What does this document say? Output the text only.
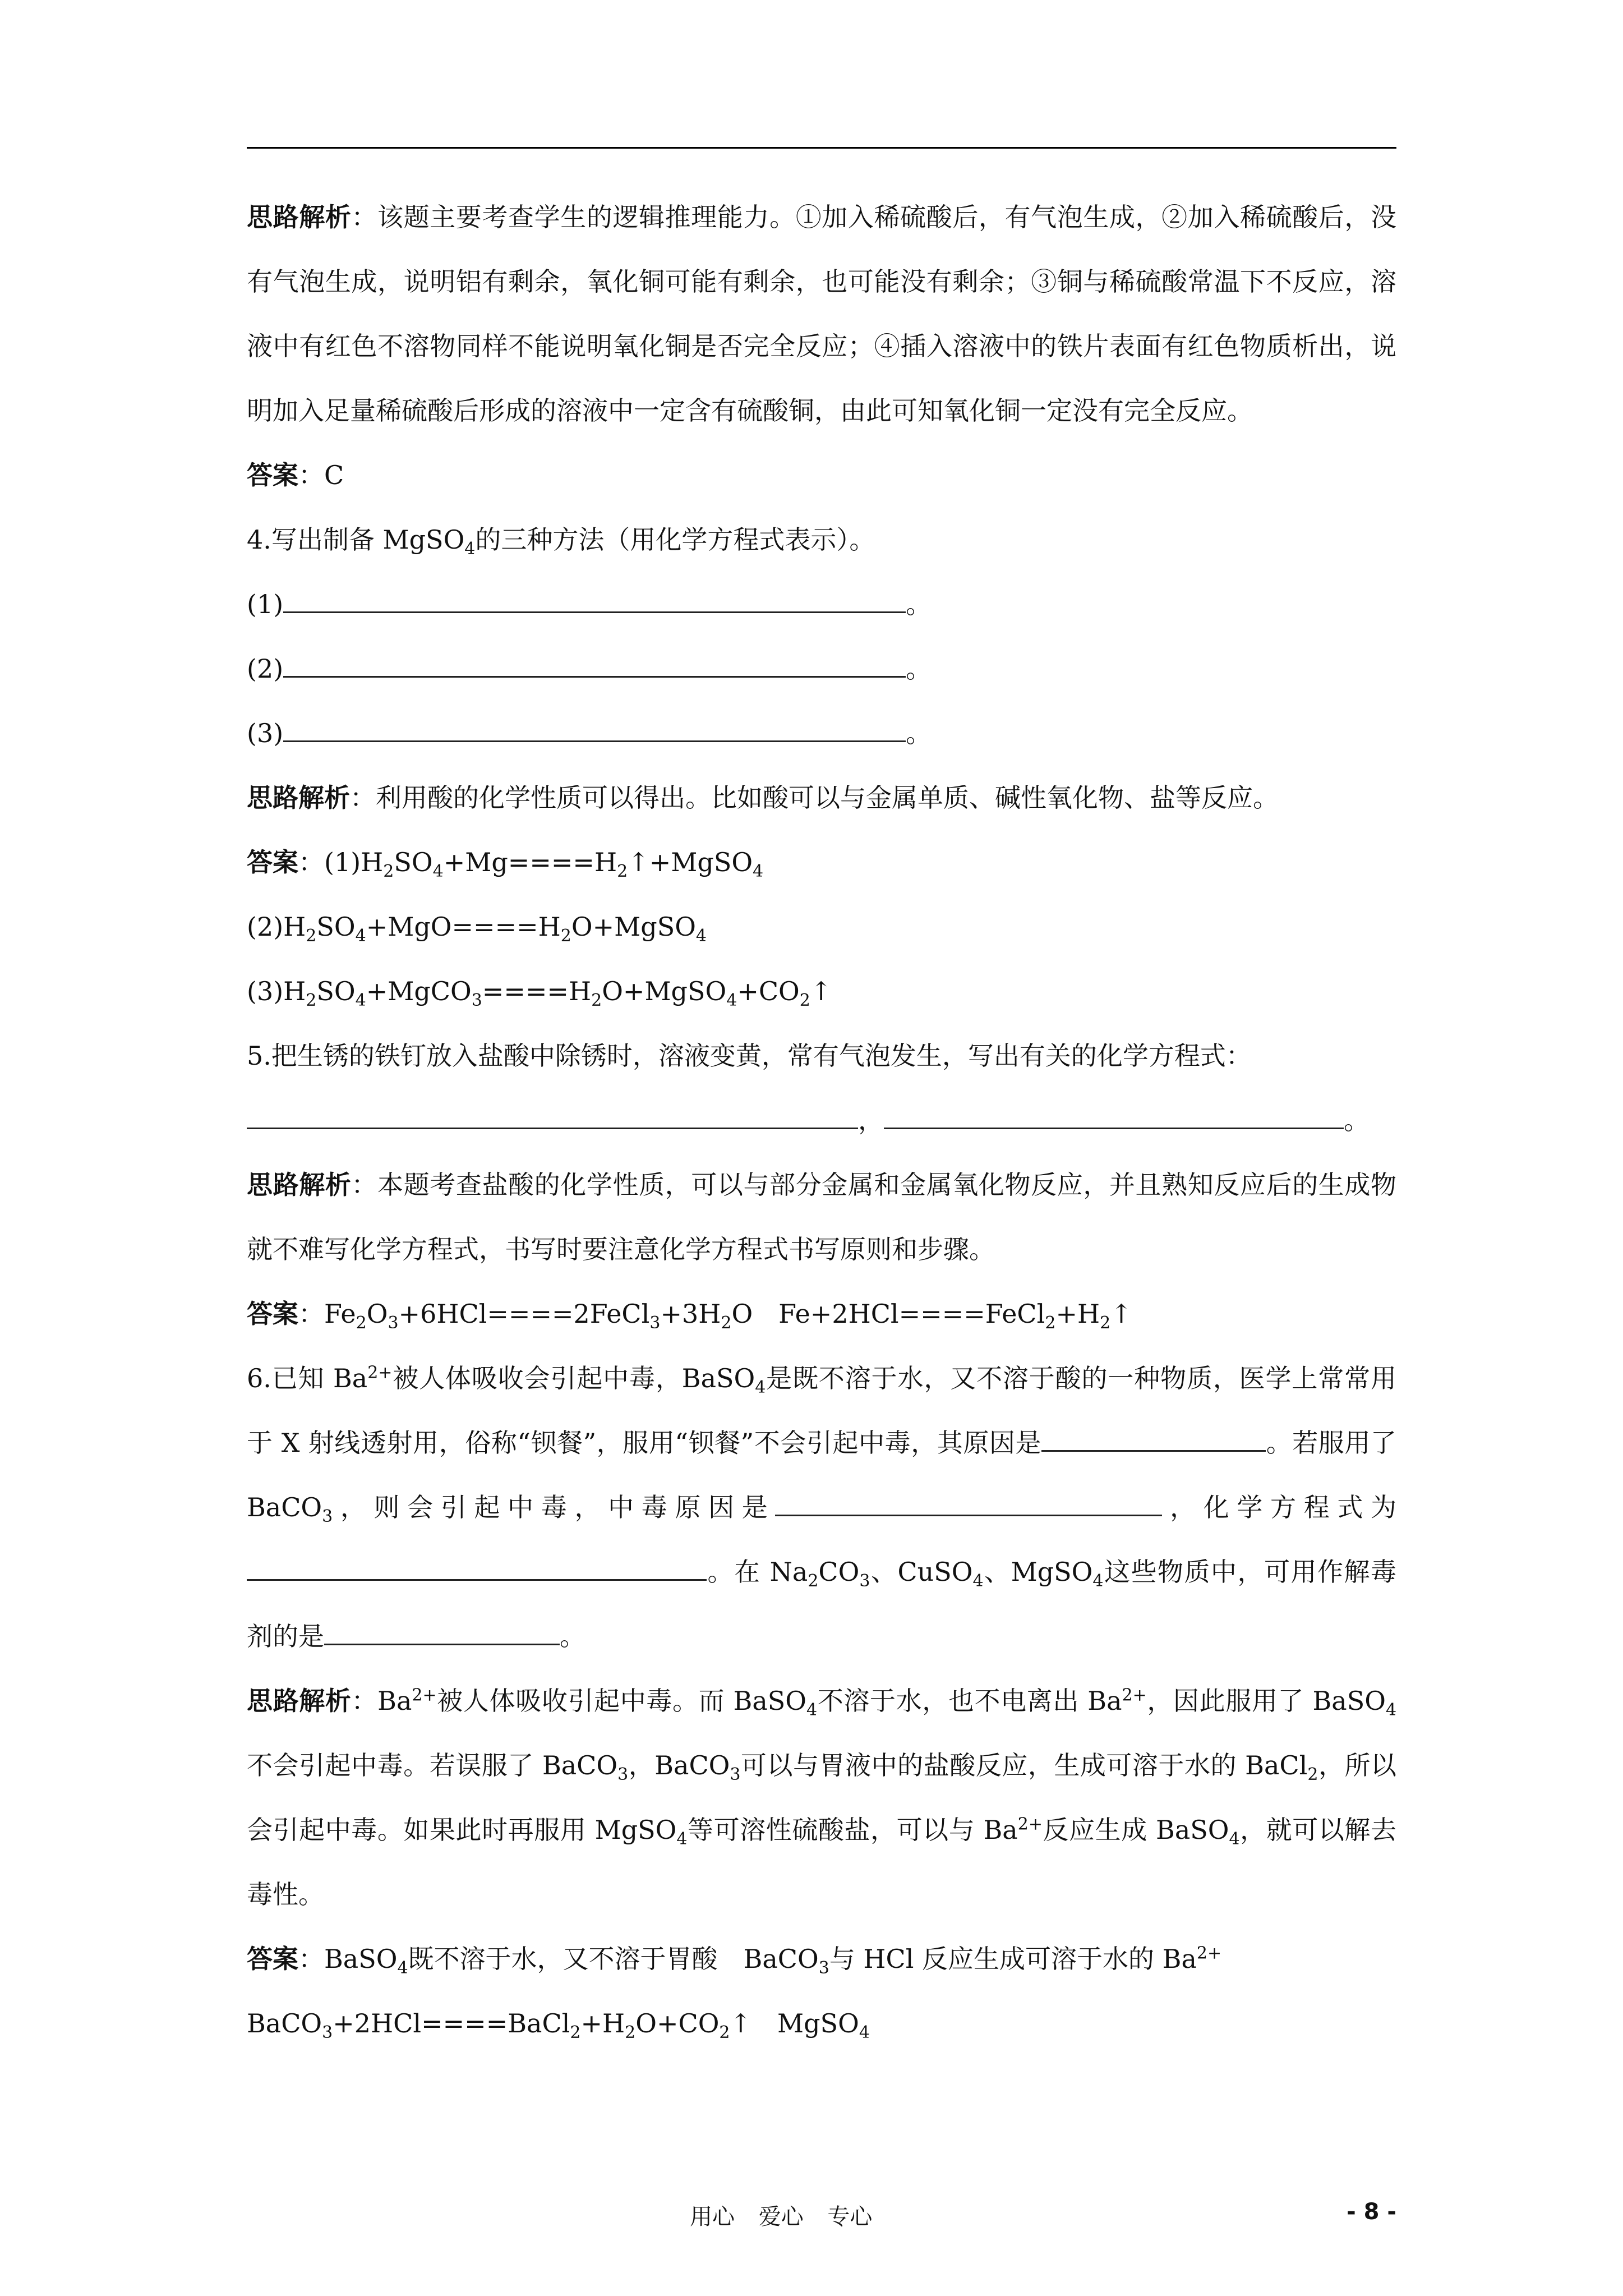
思路解析：该题主要考查学生的逻辑推理能力。①加入稀硫酸后，有气泡生成，②加入稀硫酸后，没有气泡生成，说明铝有剩余，氧化铜可能有剩余，也可能没有剩余；③铜与稀硫酸常温下不反应，溶液中有红色不溶物同样不能说明氧化铜是否完全反应；④插入溶液中的铁片表面有红色物质析出，说明加入足量稀硫酸后形成的溶液中一定含有硫酸铜，由此可知氧化铜一定没有完全反应。

答案：C

4.写出制备 MgSO$_4$的三种方法（用化学方程式表示）。

(1)	。

(2)	。

(3)	。

思路解析：利用酸的化学性质可以得出。比如酸可以与金属单质、碱性氧化物、盐等反应。

答案：$(1)H_2SO_4+Mg====H_2↑+MgSO_4$

$(2)H_2SO_4+MgO====H_2O+MgSO_4$

$(3)H_2SO_4+MgCO_3====H_2O+MgSO_4+CO_2↑$

5.把生锈的铁钉放入盐酸中除锈时，溶液变黄，常有气泡发生，写出有关的化学方程式：

，	。

思路解析：本题考查盐酸的化学性质，可以与部分金属和金属氧化物反应，并且熟知反应后的生成物就不难写化学方程式，书写时要注意化学方程式书写原则和步骤。

答案：$Fe_2O_3+6HCl====2FeCl_3+3H_2O$　$Fe+2HCl====FeCl_2+H_2↑$

6.已知 $Ba^{2+}$被人体吸收会引起中毒，BaSO$_4$是既不溶于水，又不溶于酸的一种物质，医学上常常用于 X 射线透射用，俗称“钡餐”，服用“钡餐”不会引起中毒，其原因是	。若服用了 BaCO$_3$，则会引起中毒，中毒原因是	，化学方程式为。在 $Na_2CO_3$、CuSO$_4$、MgSO$_4$这些物质中，可用作解毒剂的是	。

思路解析：$Ba^{2+}$被人体吸收引起中毒。而 BaSO$_4$不溶于水，也不电离出 $Ba^{2+}$，因此服用了 BaSO$_4$不会引起中毒。若误服了 BaCO$_3$，BaCO$_3$可以与胃液中的盐酸反应，生成可溶于水的 BaCl$_2$，所以会引起中毒。如果此时再服用 MgSO$_4$等可溶性硫酸盐，可以与 $Ba^{2+}$反应生成 BaSO$_4$，就可以解去毒性。

答案：BaSO$_4$既不溶于水，又不溶于胃酸　BaCO$_3$与 HCl 反应生成可溶于水的 $Ba^{2+}$

$BaCO_3+2HCl====BaCl_2+H_2O+CO_2↑$　MgSO$_4$

用心 爱心 专心	- 8 -
